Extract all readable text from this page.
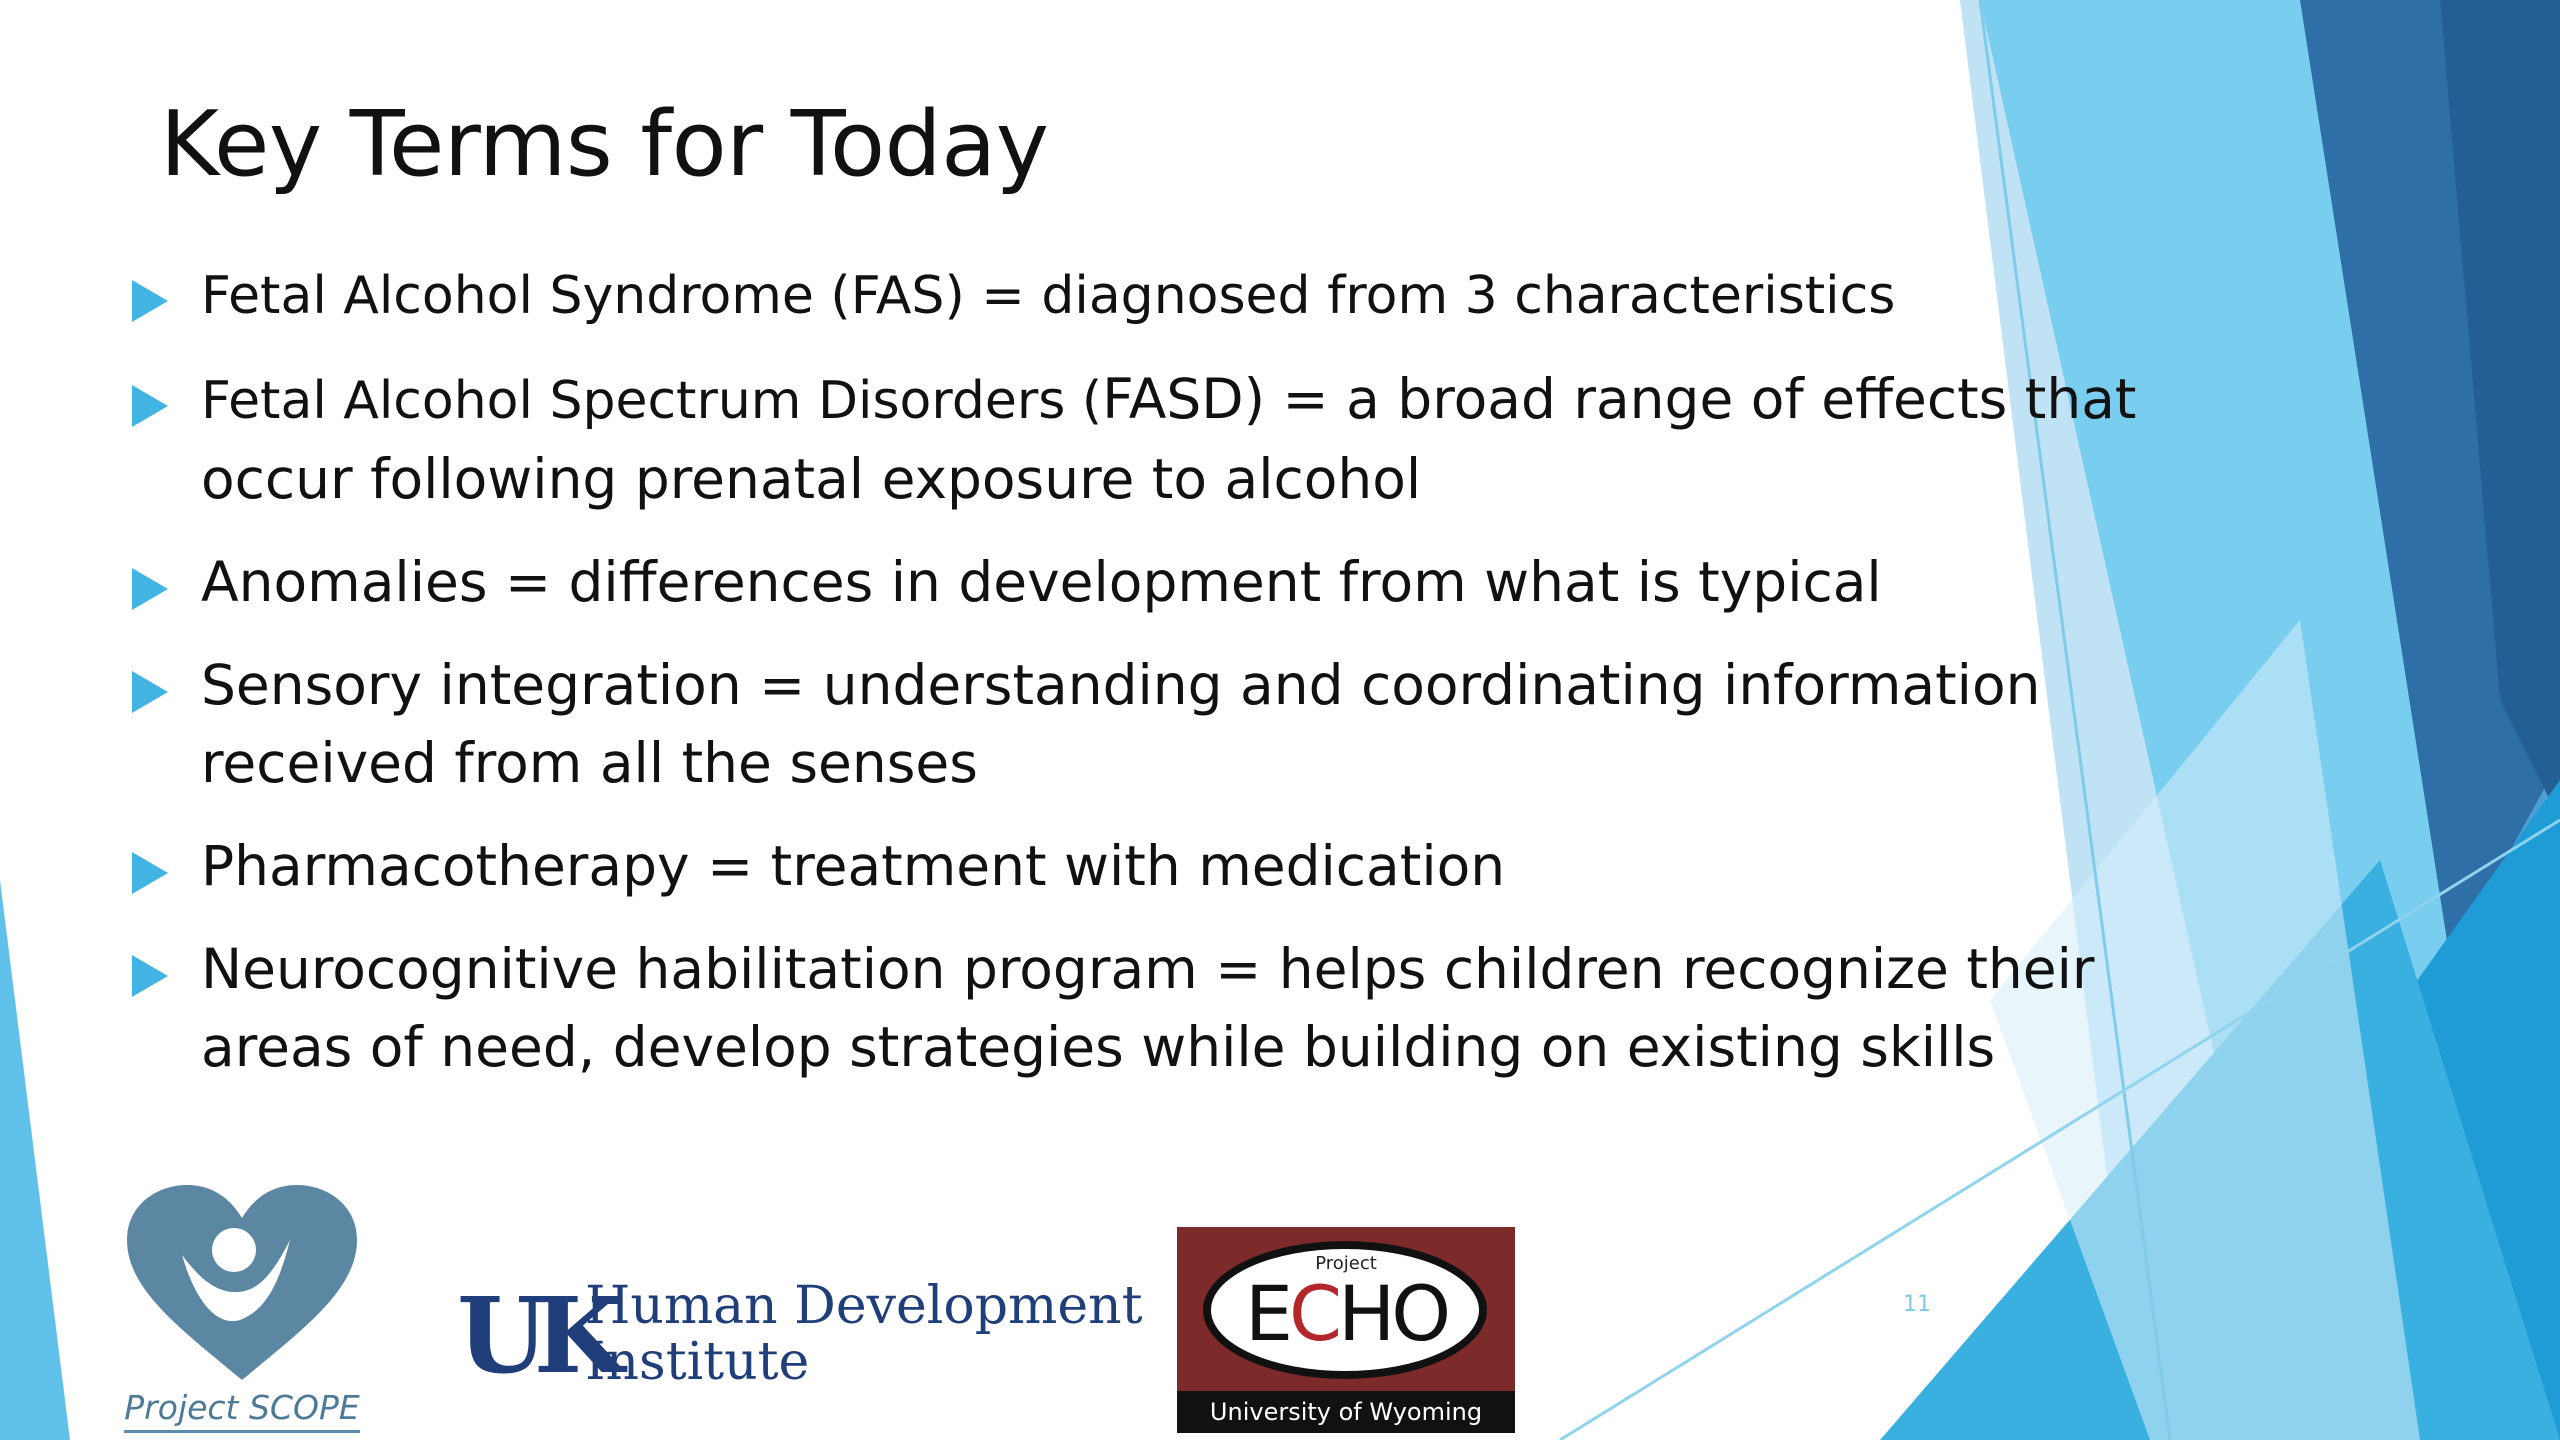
Key Terms for Today
Fetal Alcohol Syndrome (FAS) = diagnosed from 3 characteristics
Fetal Alcohol Spectrum Disorders (FASD) = a broad range of effects that occur following prenatal exposure to alcohol
Anomalies = differences in development from what is typical
Sensory integration = understanding and coordinating information received from all the senses
Pharmacotherapy = treatment with medication
Neurocognitive habilitation program = helps children recognize their areas of need, develop strategies while building on existing skills
Project SCOPE
UK
Human Development
Institute
Project
ECHO
University of Wyoming
11
